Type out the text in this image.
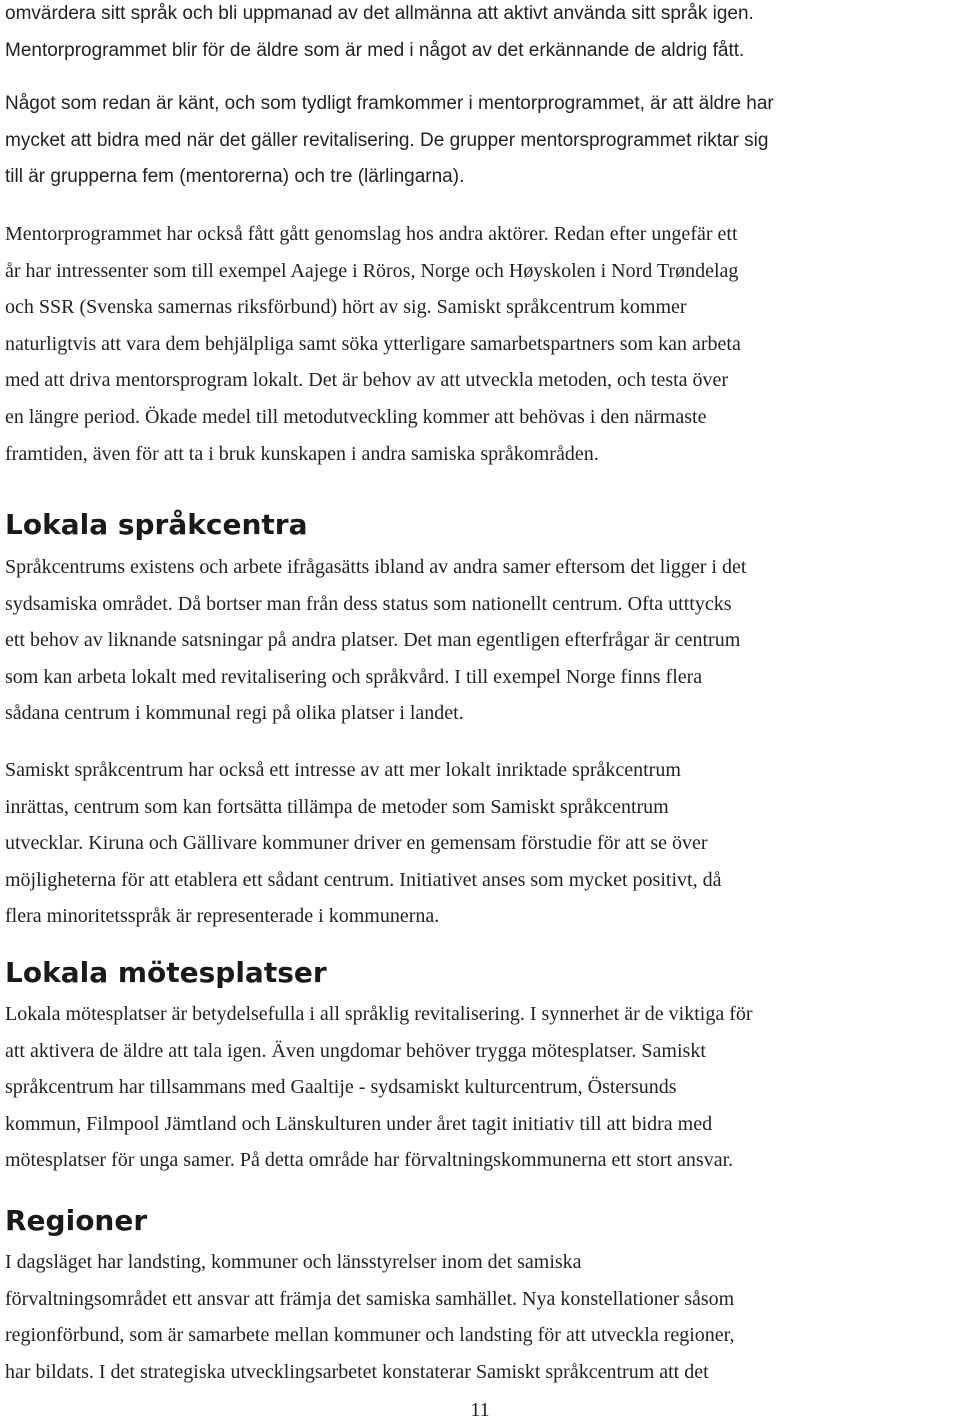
omvärdera sitt språk och bli uppmanad av det allmänna att aktivt använda sitt språk igen.
Mentorprogrammet blir för de äldre som är med i något av det erkännande de aldrig fått.
Något som redan är känt, och som tydligt framkommer i mentorprogrammet, är att äldre har
mycket att bidra med när det gäller revitalisering. De grupper mentorsprogrammet riktar sig
till är grupperna fem (mentorerna) och tre (lärlingarna).
Mentorprogrammet har också fått gått genomslag hos andra aktörer. Redan efter ungefär ett
år har intressenter som till exempel Aajege i Röros, Norge och Høyskolen i Nord Trøndelag
och SSR (Svenska samernas riksförbund) hört av sig. Samiskt språkcentrum kommer
naturligtvis att vara dem behjälpliga samt söka ytterligare samarbetspartners som kan arbeta
med att driva mentorsprogram lokalt. Det är behov av att utveckla metoden, och testa över
en längre period. Ökade medel till metodutveckling kommer att behövas i den närmaste
framtiden, även för att ta i bruk kunskapen i andra samiska språkområden.
Lokala språkcentra
Språkcentrums existens och arbete ifrågasätts ibland av andra samer eftersom det ligger i det
sydsamiska området. Då bortser man från dess status som nationellt centrum. Ofta utttycks
ett behov av liknande satsningar på andra platser. Det man egentligen efterfrågar är centrum
som kan arbeta lokalt med revitalisering och språkvård. I till exempel Norge finns flera
sådana centrum i kommunal regi på olika platser i landet.
Samiskt språkcentrum har också ett intresse av att mer lokalt inriktade språkcentrum
inrättas, centrum som kan fortsätta tillämpa de metoder som Samiskt språkcentrum
utvecklar. Kiruna och Gällivare kommuner driver en gemensam förstudie för att se över
möjligheterna för att etablera ett sådant centrum. Initiativet anses som mycket positivt, då
flera minoritetsspråk är representerade i kommunerna.
Lokala mötesplatser
Lokala mötesplatser är betydelsefulla i all språklig revitalisering. I synnerhet är de viktiga för
att aktivera de äldre att tala igen. Även ungdomar behöver trygga mötesplatser. Samiskt
språkcentrum har tillsammans med Gaaltije - sydsamiskt kulturcentrum, Östersunds
kommun, Filmpool Jämtland och Länskulturen under året tagit initiativ till att bidra med
mötesplatser för unga samer. På detta område har förvaltningskommunerna ett stort ansvar.
Regioner
I dagsläget har landsting, kommuner och länsstyrelser inom det samiska
förvaltningsområdet ett ansvar att främja det samiska samhället. Nya konstellationer såsom
regionförbund, som är samarbete mellan kommuner och landsting för att utveckla regioner,
har bildats. I det strategiska utvecklingsarbetet konstaterar Samiskt språkcentrum att det
11
